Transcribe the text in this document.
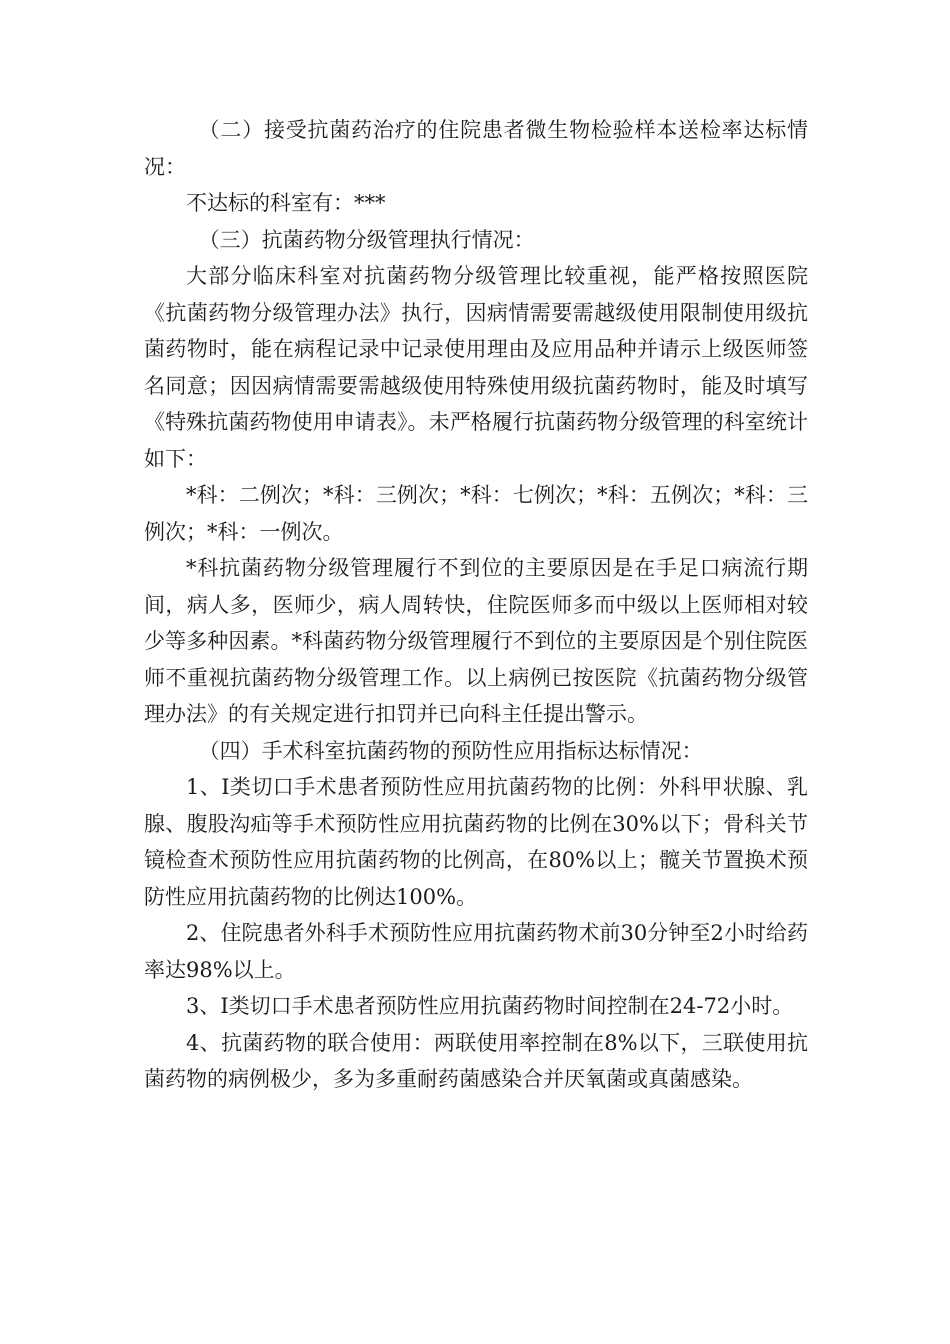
（二）接受抗菌药治疗的住院患者微生物检验样本送检率达标情况：

不达标的科室有：***

（三）抗菌药物分级管理执行情况：

大部分临床科室对抗菌药物分级管理比较重视，能严格按照医院《抗菌药物分级管理办法》执行，因病情需要需越级使用限制使用级抗菌药物时，能在病程记录中记录使用理由及应用品种并请示上级医师签名同意；因因病情需要需越级使用特殊使用级抗菌药物时，能及时填写《特殊抗菌药物使用申请表》。未严格履行抗菌药物分级管理的科室统计如下：

*科：二例次；*科：三例次；*科：七例次；*科：五例次；*科：三例次；*科：一例次。

*科抗菌药物分级管理履行不到位的主要原因是在手足口病流行期间，病人多，医师少，病人周转快，住院医师多而中级以上医师相对较少等多种因素。*科菌药物分级管理履行不到位的主要原因是个别住院医师不重视抗菌药物分级管理工作。以上病例已按医院《抗菌药物分级管理办法》的有关规定进行扣罚并已向科主任提出警示。

（四）手术科室抗菌药物的预防性应用指标达标情况：

1、I类切口手术患者预防性应用抗菌药物的比例：外科甲状腺、乳腺、腹股沟疝等手术预防性应用抗菌药物的比例在30%以下；骨科关节镜检查术预防性应用抗菌药物的比例高，在80%以上；髋关节置换术预防性应用抗菌药物的比例达100%。

2、住院患者外科手术预防性应用抗菌药物术前30分钟至2小时给药率达98%以上。

3、I类切口手术患者预防性应用抗菌药物时间控制在24-72小时。

4、抗菌药物的联合使用：两联使用率控制在8%以下，三联使用抗菌药物的病例极少，多为多重耐药菌感染合并厌氧菌或真菌感染。
